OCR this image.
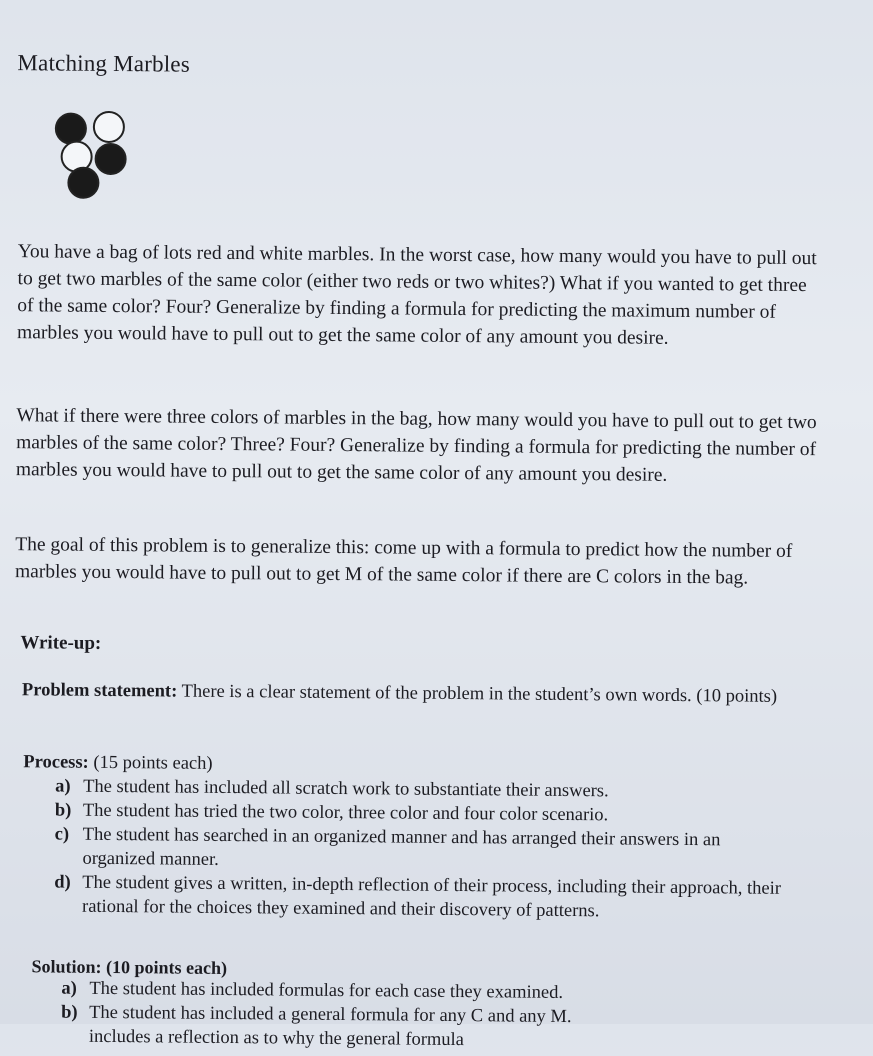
Matching Marbles
You have a bag of lots red and white marbles. In the worst case, how many would you have to pull out to get two marbles of the same color (either two reds or two whites?) What if you wanted to get three of the same color? Four? Generalize by finding a formula for predicting the maximum number of marbles you would have to pull out to get the same color of any amount you desire.
What if there were three colors of marbles in the bag, how many would you have to pull out to get two marbles of the same color? Three? Four? Generalize by finding a formula for predicting the number of marbles you would have to pull out to get the same color of any amount you desire.
The goal of this problem is to generalize this: come up with a formula to predict how the number of marbles you would have to pull out to get M of the same color if there are C colors in the bag.
Write-up:
Problem statement: There is a clear statement of the problem in the student’s own words. (10 points)
Process: (15 points each)
a) The student has included all scratch work to substantiate their answers.
b) The student has tried the two color, three color and four color scenario.
c) The student has searched in an organized manner and has arranged their answers in an organized manner.
d) The student gives a written, in-depth reflection of their process, including their approach, their rational for the choices they examined and their discovery of patterns.
Solution: (10 points each)
a) The student has included formulas for each case they examined.
b) The student has included a general formula for any C and any M.
includes a reflection as to why the general formula
